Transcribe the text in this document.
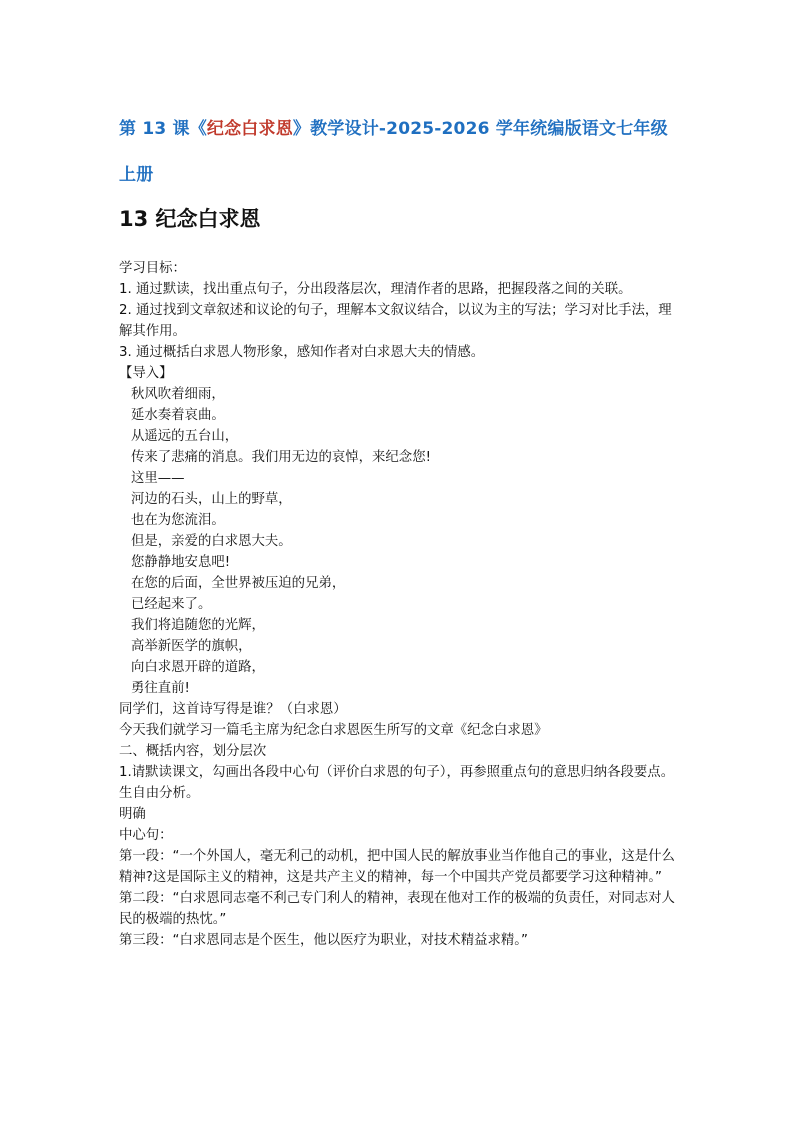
第 13 课《纪念白求恩》教学设计-2025-2026 学年统编版语文七年级上册
13 纪念白求恩

学习目标：

1. 通过默读，找出重点句子，分出段落层次，理清作者的思路，把握段落之间的关联。

2. 通过找到文章叙述和议论的句子，理解本文叙议结合，以议为主的写法；学习对比手法，理解其作用。

3. 通过概括白求恩人物形象，感知作者对白求恩大夫的情感。

【导入】

秋风吹着细雨，

延水奏着哀曲。

从遥远的五台山，

传来了悲痛的消息。我们用无边的哀悼，来纪念您!

这里——

河边的石头，山上的野草，

也在为您流泪。

但是，亲爱的白求恩大夫。

您静静地安息吧!

在您的后面，全世界被压迫的兄弟，

已经起来了。

我们将追随您的光辉，

高举新医学的旗帜，

向白求恩开辟的道路，

勇往直前!

同学们，这首诗写得是谁？（白求恩）

今天我们就学习一篇毛主席为纪念白求恩医生所写的文章《纪念白求恩》

二、概括内容，划分层次

1.请默读课文，勾画出各段中心句（评价白求恩的句子），再参照重点句的意思归纳各段要点。

生自由分析。

明确

中心句：

第一段：“一个外国人，毫无利己的动机，把中国人民的解放事业当作他自己的事业，这是什么精神?这是国际主义的精神，这是共产主义的精神，每一个中国共产党员都要学习这种精神。”

第二段：“白求恩同志毫不利己专门利人的精神，表现在他对工作的极端的负责任，对同志对人民的极端的热忱。”

第三段：“白求恩同志是个医生，他以医疗为职业，对技术精益求精。”
